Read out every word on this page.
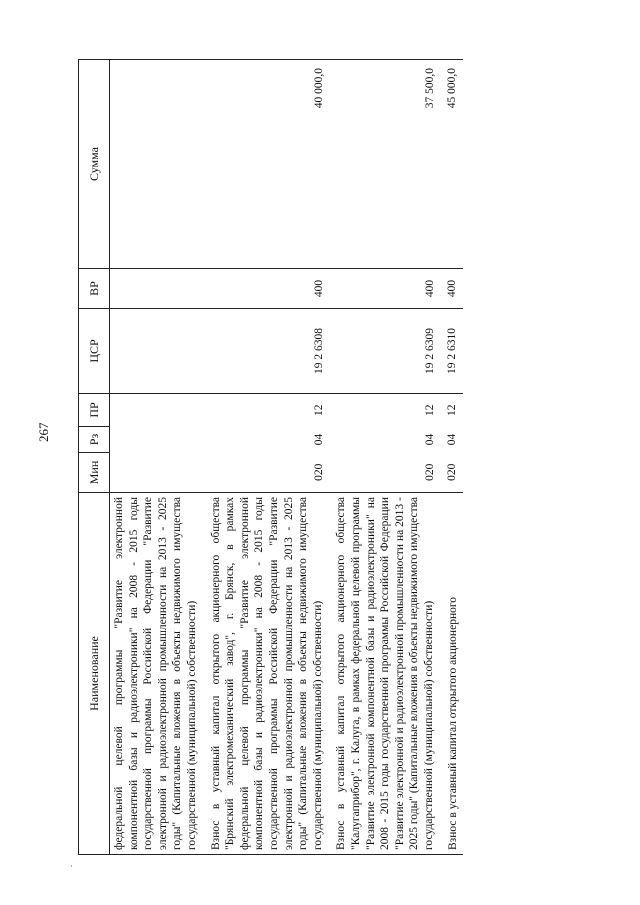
267
·
Наименование	Мин	Рз	ПР	ЦСР	ВР	Сумма
федеральной целевой программы "Развитие электронной компонентной базы и радиоэлектроники" на 2008 - 2015 годы государственной программы Российской Федерации "Развитие электронной и радиоэлектронной промышленности на 2013 - 2025 годы" (Капитальные вложения в объекты недвижимого имущества государственной (муниципальной) собственности)						
Взнос в уставный капитал открытого акционерного общества "Брянский электромеханический завод", г. Брянск, в рамках федеральной целевой программы "Развитие электронной компонентной базы и радиоэлектроники" на 2008 - 2015 годы государственной программы Российской Федерации "Развитие электронной и радиоэлектронной промышленности на 2013 - 2025 годы" (Капитальные вложения в объекты недвижимого имущества государственной (муниципальной) собственности)	020	04	12	19 2 6308	400	40 000,0
Взнос в уставный капитал открытого акционерного общества "Калугаприбор", г. Калуга, в рамках федеральной целевой программы "Развитие электронной компонентной базы и радиоэлектроники" на 2008 - 2015 годы государственной программы Российской Федерации "Развитие электронной и радиоэлектронной промышленности на 2013 - 2025 годы" (Капитальные вложения в объекты недвижимого имущества государственной (муниципальной) собственности)	020	04	12	19 2 6309	400	37 500,0
Взнос в уставный капитал открытого акционерного	020	04	12	19 2 6310	400	45 000,0
